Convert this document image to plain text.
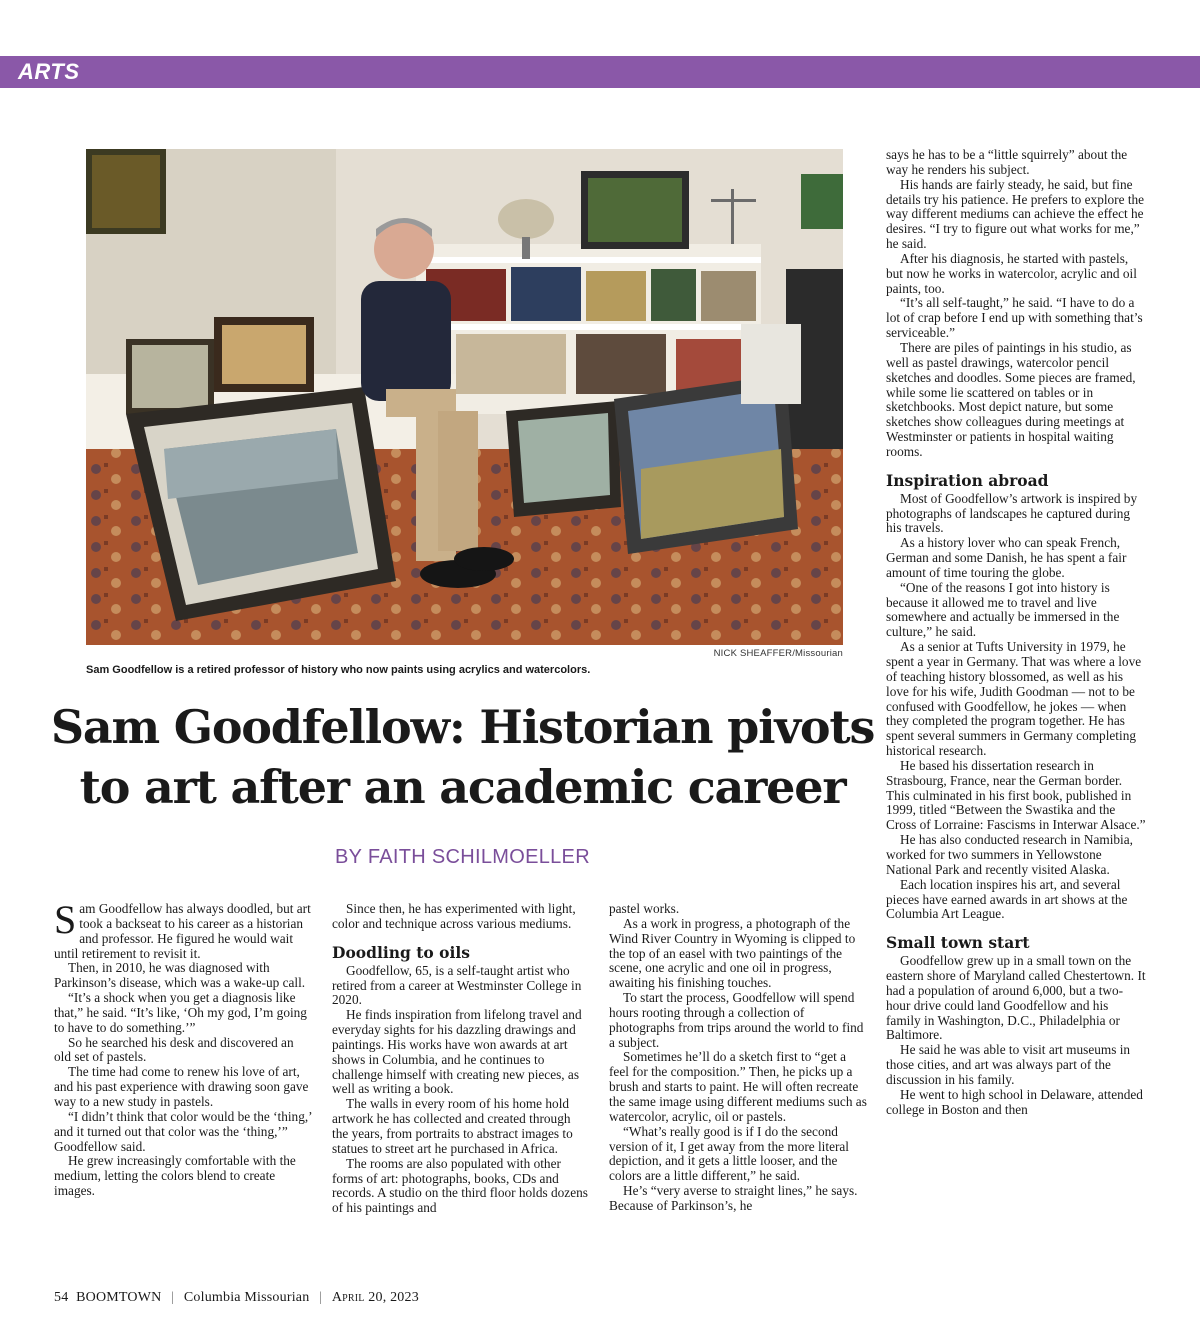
ARTS
NICK SHEAFFER/Missourian
Sam Goodfellow is a retired professor of history who now paints using acrylics and watercolors.
Sam Goodfellow: Historian pivots
to art after an academic career
BY FAITH SCHILMOELLER

Sam Goodfellow has always doodled, but art took a backseat to his career as a historian and professor. He figured he would wait until retirement to revisit it.

Then, in 2010, he was diagnosed with Parkinson’s disease, which was a wake-up call.

“It’s a shock when you get a diagnosis like that,” he said. “It’s like, ‘Oh my god, I’m going to have to do something.’”

So he searched his desk and discovered an old set of pastels.

The time had come to renew his love of art, and his past experience with drawing soon gave way to a new study in pastels.

“I didn’t think that color would be the ‘thing,’ and it turned out that color was the ‘thing,’” Goodfellow said.

He grew increasingly comfortable with the medium, letting the colors blend to create images.

Since then, he has experimented with light, color and technique across various mediums.

Doodling to oils

Goodfellow, 65, is a self-taught artist who retired from a career at Westminster College in 2020.

He finds inspiration from lifelong travel and everyday sights for his dazzling drawings and paintings. His works have won awards at art shows in Columbia, and he continues to challenge himself with creating new pieces, as well as writing a book.

The walls in every room of his home hold artwork he has collected and created through the years, from portraits to abstract images to statues to street art he purchased in Africa.

The rooms are also populated with other forms of art: photographs, books, CDs and records. A studio on the third floor holds dozens of his paintings and

pastel works.

As a work in progress, a photograph of the Wind River Country in Wyoming is clipped to the top of an easel with two paintings of the scene, one acrylic and one oil in progress, awaiting his finishing touches.

To start the process, Goodfellow will spend hours rooting through a collection of photographs from trips around the world to find a subject.

Sometimes he’ll do a sketch first to “get a feel for the composition.” Then, he picks up a brush and starts to paint. He will often recreate the same image using different mediums such as watercolor, acrylic, oil or pastels.

“What’s really good is if I do the second version of it, I get away from the more literal depiction, and it gets a little looser, and the colors are a little different,” he said.

He’s “very averse to straight lines,” he says. Because of Parkinson’s, he

says he has to be a “little squirrely” about the way he renders his subject.

His hands are fairly steady, he said, but fine details try his patience. He prefers to explore the way different mediums can achieve the effect he desires. “I try to figure out what works for me,” he said.

After his diagnosis, he started with pastels, but now he works in watercolor, acrylic and oil paints, too.

“It’s all self-taught,” he said. “I have to do a lot of crap before I end up with something that’s serviceable.”

There are piles of paintings in his studio, as well as pastel drawings, watercolor pencil sketches and doodles. Some pieces are framed, while some lie scattered on tables or in sketchbooks. Most depict nature, but some sketches show colleagues during meetings at Westminster or patients in hospital waiting rooms.

Inspiration abroad

Most of Goodfellow’s artwork is inspired by photographs of landscapes he captured during his travels.

As a history lover who can speak French, German and some Danish, he has spent a fair amount of time touring the globe.

“One of the reasons I got into history is because it allowed me to travel and live somewhere and actually be immersed in the culture,” he said.

As a senior at Tufts University in 1979, he spent a year in Germany. That was where a love of teaching history blossomed, as well as his love for his wife, Judith Goodman — not to be confused with Goodfellow, he jokes — when they completed the program together. He has spent several summers in Germany completing historical research.

He based his dissertation research in Strasbourg, France, near the German border. This culminated in his first book, published in 1999, titled “Between the Swastika and the Cross of Lorraine: Fascisms in Interwar Alsace.”

He has also conducted research in Namibia, worked for two summers in Yellowstone National Park and recently visited Alaska.

Each location inspires his art, and several pieces have earned awards in art shows at the Columbia Art League.

Small town start

Goodfellow grew up in a small town on the eastern shore of Maryland called Chestertown. It had a population of around 6,000, but a two-hour drive could land Goodfellow and his family in Washington, D.C., Philadelphia or Baltimore.

He said he was able to visit art museums in those cities, and art was always part of the discussion in his family.

He went to high school in Delaware, attended college in Boston and then

54 BOOMTOWN | Columbia Missourian | April 20, 2023
